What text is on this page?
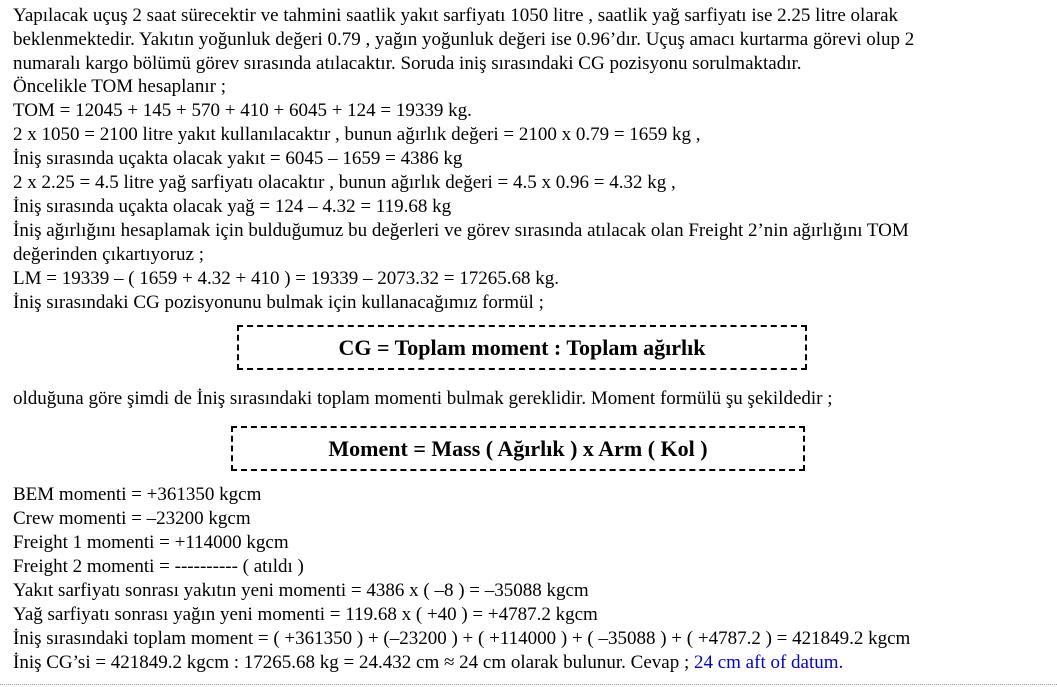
Yapılacak uçuş 2 saat sürecektir ve tahmini saatlik yakıt sarfiyatı 1050 litre , saatlik yağ sarfiyatı ise 2.25 litre olarak
beklenmektedir. Yakıtın yoğunluk değeri 0.79 , yağın yoğunluk değeri ise 0.96’dır. Uçuş amacı kurtarma görevi olup 2
numaralı kargo bölümü görev sırasında atılacaktır. Soruda iniş sırasındaki CG pozisyonu sorulmaktadır.
Öncelikle TOM hesaplanır ;
TOM = 12045 + 145 + 570 + 410 + 6045 + 124 = 19339 kg.
2 x 1050 = 2100 litre yakıt kullanılacaktır , bunun ağırlık değeri = 2100 x 0.79 = 1659 kg ,
İniş sırasında uçakta olacak yakıt = 6045 – 1659 = 4386 kg
2 x 2.25 = 4.5 litre yağ sarfiyatı olacaktır , bunun ağırlık değeri = 4.5 x 0.96 = 4.32 kg ,
İniş sırasında uçakta olacak yağ = 124 – 4.32 = 119.68 kg
İniş ağırlığını hesaplamak için bulduğumuz bu değerleri ve görev sırasında atılacak olan Freight 2’nin ağırlığını TOM
değerinden çıkartıyoruz ;
LM = 19339 – ( 1659 + 4.32 + 410 ) = 19339 – 2073.32 = 17265.68 kg.
İniş sırasındaki CG pozisyonunu bulmak için kullanacağımız formül ;
CG = Toplam moment : Toplam ağırlık
olduğuna göre şimdi de İniş sırasındaki toplam momenti bulmak gereklidir. Moment formülü şu şekildedir ;
Moment = Mass ( Ağırlık ) x Arm ( Kol )
BEM momenti = +361350 kgcm
Crew momenti = –23200 kgcm
Freight 1 momenti = +114000 kgcm
Freight 2 momenti = ---------- ( atıldı )
Yakıt sarfiyatı sonrası yakıtın yeni momenti = 4386 x ( –8 ) = –35088 kgcm
Yağ sarfiyatı sonrası yağın yeni momenti = 119.68 x ( +40 ) = +4787.2 kgcm
İniş sırasındaki toplam moment = ( +361350 ) + (–23200 ) + ( +114000 ) + ( –35088 ) + ( +4787.2 ) = 421849.2 kgcm
İniş CG’si = 421849.2 kgcm : 17265.68 kg = 24.432 cm ≈ 24 cm olarak bulunur. Cevap ; 24 cm aft of datum.
